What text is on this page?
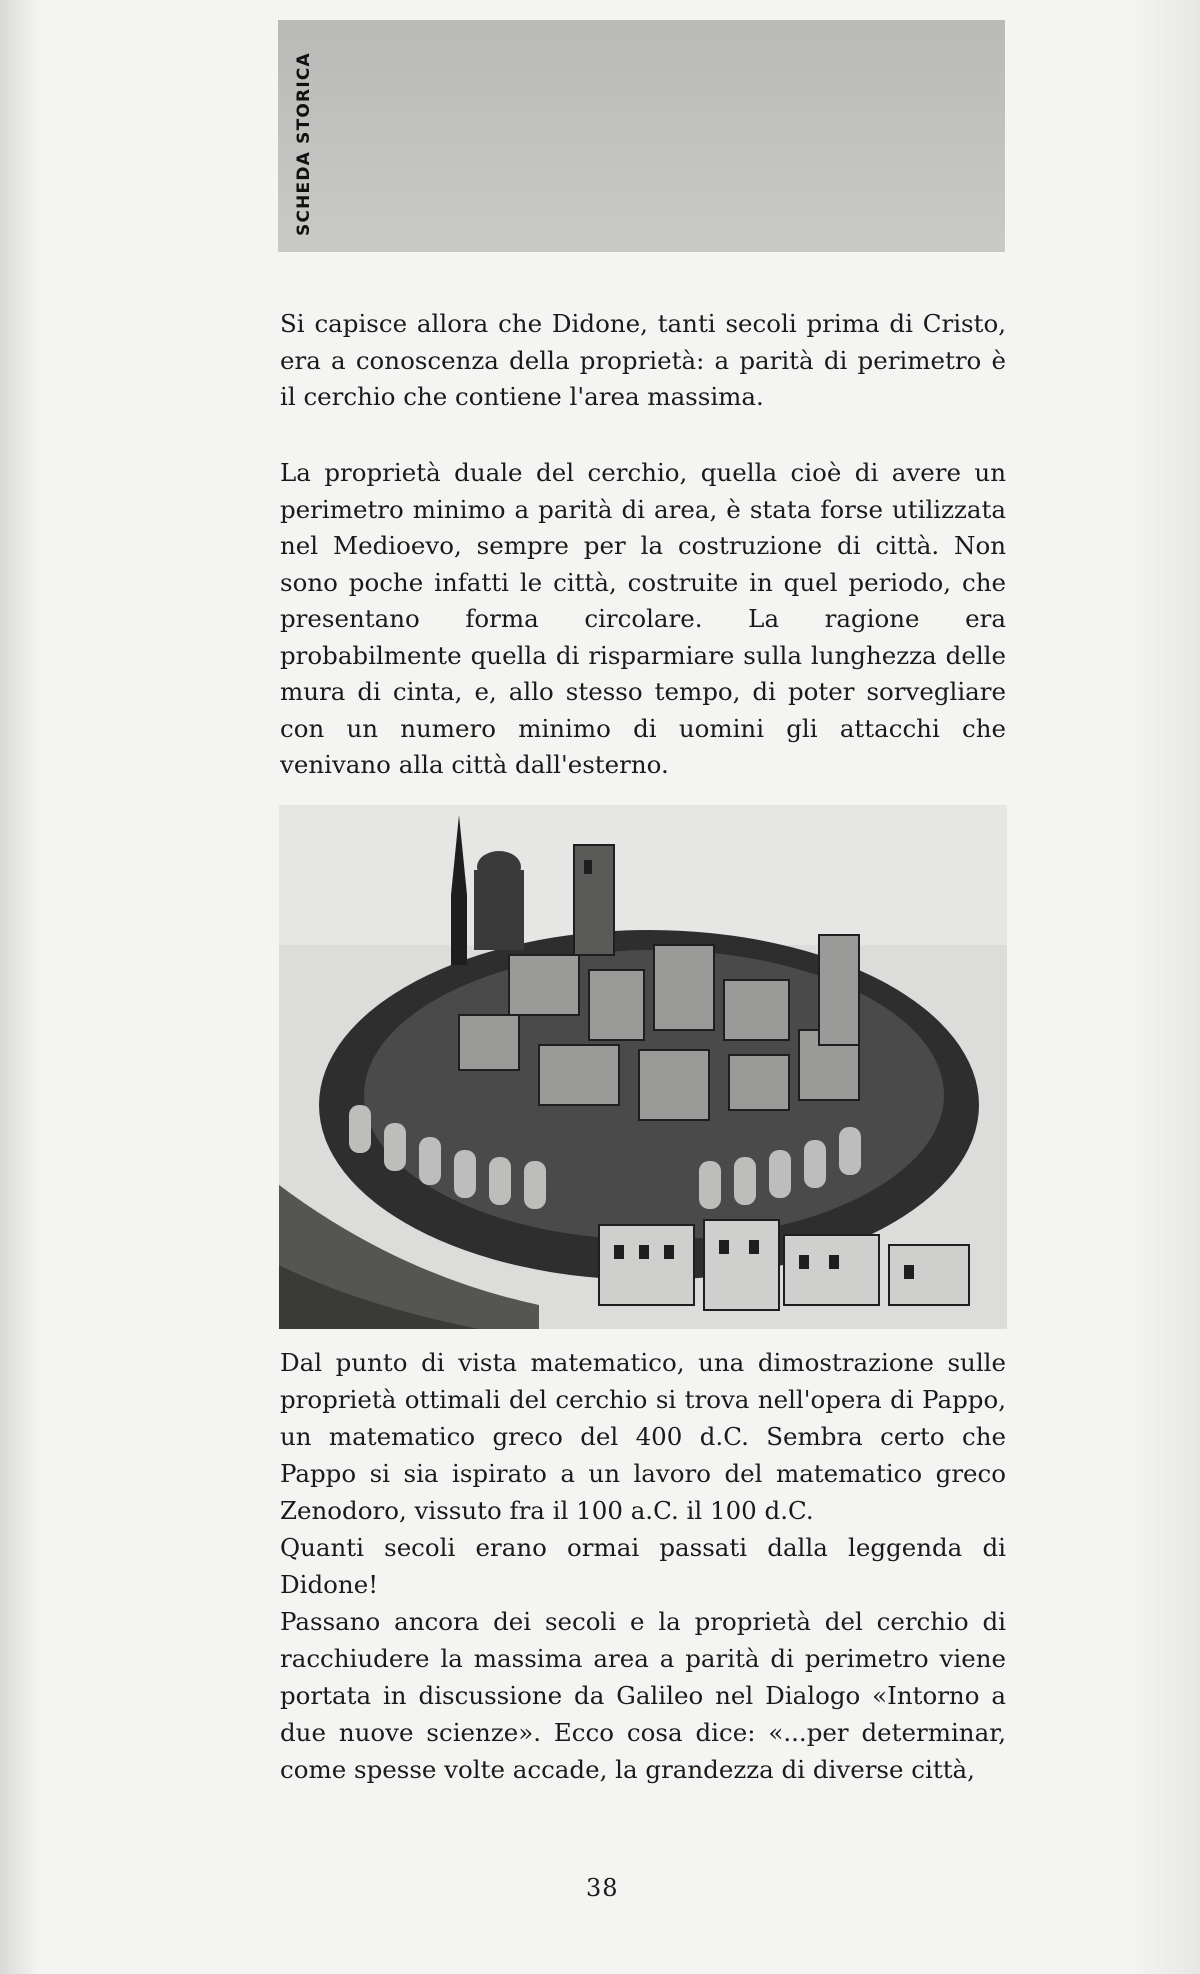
SCHEDA STORICA

Si capisce allora che Didone, tanti secoli prima di Cristo, era a conoscenza della proprietà: a parità di perimetro è il cerchio che contiene l'area massima.

La proprietà duale del cerchio, quella cioè di avere un perimetro minimo a parità di area, è stata forse utilizzata nel Medioevo, sempre per la costruzione di città. Non sono poche infatti le città, costruite in quel periodo, che presentano forma circolare. La ragione era probabilmente quella di risparmiare sulla lunghezza delle mura di cinta, e, allo stesso tempo, di poter sorvegliare con un numero minimo di uomini gli attacchi che venivano alla città dall'esterno.

Dal punto di vista matematico, una dimostrazione sulle proprietà ottimali del cerchio si trova nell'opera di Pappo, un matematico greco del 400 d.C. Sembra certo che Pappo si sia ispirato a un lavoro del matematico greco Zenodoro, vissuto fra il 100 a.C. il 100 d.C.
Quanti secoli erano ormai passati dalla leggenda di Didone!
Passano ancora dei secoli e la proprietà del cerchio di racchiudere la massima area a parità di perimetro viene portata in discussione da Galileo nel Dialogo «Intorno a due nuove scienze». Ecco cosa dice: «...per determinar, come spesse volte accade, la grandezza di diverse città,
38
